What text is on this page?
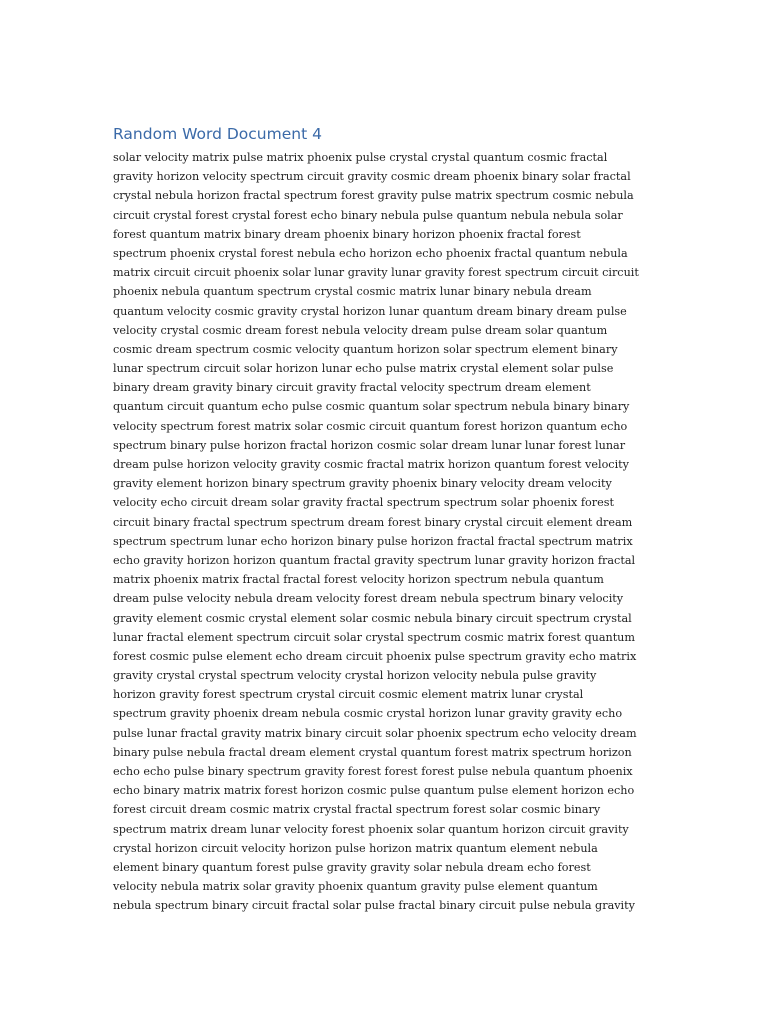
Random Word Document 4
solar velocity matrix pulse matrix phoenix pulse crystal crystal quantum cosmic fractal
gravity horizon velocity spectrum circuit gravity cosmic dream phoenix binary solar fractal
crystal nebula horizon fractal spectrum forest gravity pulse matrix spectrum cosmic nebula
circuit crystal forest crystal forest echo binary nebula pulse quantum nebula nebula solar
forest quantum matrix binary dream phoenix binary horizon phoenix fractal forest
spectrum phoenix crystal forest nebula echo horizon echo phoenix fractal quantum nebula
matrix circuit circuit phoenix solar lunar gravity lunar gravity forest spectrum circuit circuit
phoenix nebula quantum spectrum crystal cosmic matrix lunar binary nebula dream
quantum velocity cosmic gravity crystal horizon lunar quantum dream binary dream pulse
velocity crystal cosmic dream forest nebula velocity dream pulse dream solar quantum
cosmic dream spectrum cosmic velocity quantum horizon solar spectrum element binary
lunar spectrum circuit solar horizon lunar echo pulse matrix crystal element solar pulse
binary dream gravity binary circuit gravity fractal velocity spectrum dream element
quantum circuit quantum echo pulse cosmic quantum solar spectrum nebula binary binary
velocity spectrum forest matrix solar cosmic circuit quantum forest horizon quantum echo
spectrum binary pulse horizon fractal horizon cosmic solar dream lunar lunar forest lunar
dream pulse horizon velocity gravity cosmic fractal matrix horizon quantum forest velocity
gravity element horizon binary spectrum gravity phoenix binary velocity dream velocity
velocity echo circuit dream solar gravity fractal spectrum spectrum solar phoenix forest
circuit binary fractal spectrum spectrum dream forest binary crystal circuit element dream
spectrum spectrum lunar echo horizon binary pulse horizon fractal fractal spectrum matrix
echo gravity horizon horizon quantum fractal gravity spectrum lunar gravity horizon fractal
matrix phoenix matrix fractal fractal forest velocity horizon spectrum nebula quantum
dream pulse velocity nebula dream velocity forest dream nebula spectrum binary velocity
gravity element cosmic crystal element solar cosmic nebula binary circuit spectrum crystal
lunar fractal element spectrum circuit solar crystal spectrum cosmic matrix forest quantum
forest cosmic pulse element echo dream circuit phoenix pulse spectrum gravity echo matrix
gravity crystal crystal spectrum velocity crystal horizon velocity nebula pulse gravity
horizon gravity forest spectrum crystal circuit cosmic element matrix lunar crystal
spectrum gravity phoenix dream nebula cosmic crystal horizon lunar gravity gravity echo
pulse lunar fractal gravity matrix binary circuit solar phoenix spectrum echo velocity dream
binary pulse nebula fractal dream element crystal quantum forest matrix spectrum horizon
echo echo pulse binary spectrum gravity forest forest forest pulse nebula quantum phoenix
echo binary matrix matrix forest horizon cosmic pulse quantum pulse element horizon echo
forest circuit dream cosmic matrix crystal fractal spectrum forest solar cosmic binary
spectrum matrix dream lunar velocity forest phoenix solar quantum horizon circuit gravity
crystal horizon circuit velocity horizon pulse horizon matrix quantum element nebula
element binary quantum forest pulse gravity gravity solar nebula dream echo forest
velocity nebula matrix solar gravity phoenix quantum gravity pulse element quantum
nebula spectrum binary circuit fractal solar pulse fractal binary circuit pulse nebula gravity
